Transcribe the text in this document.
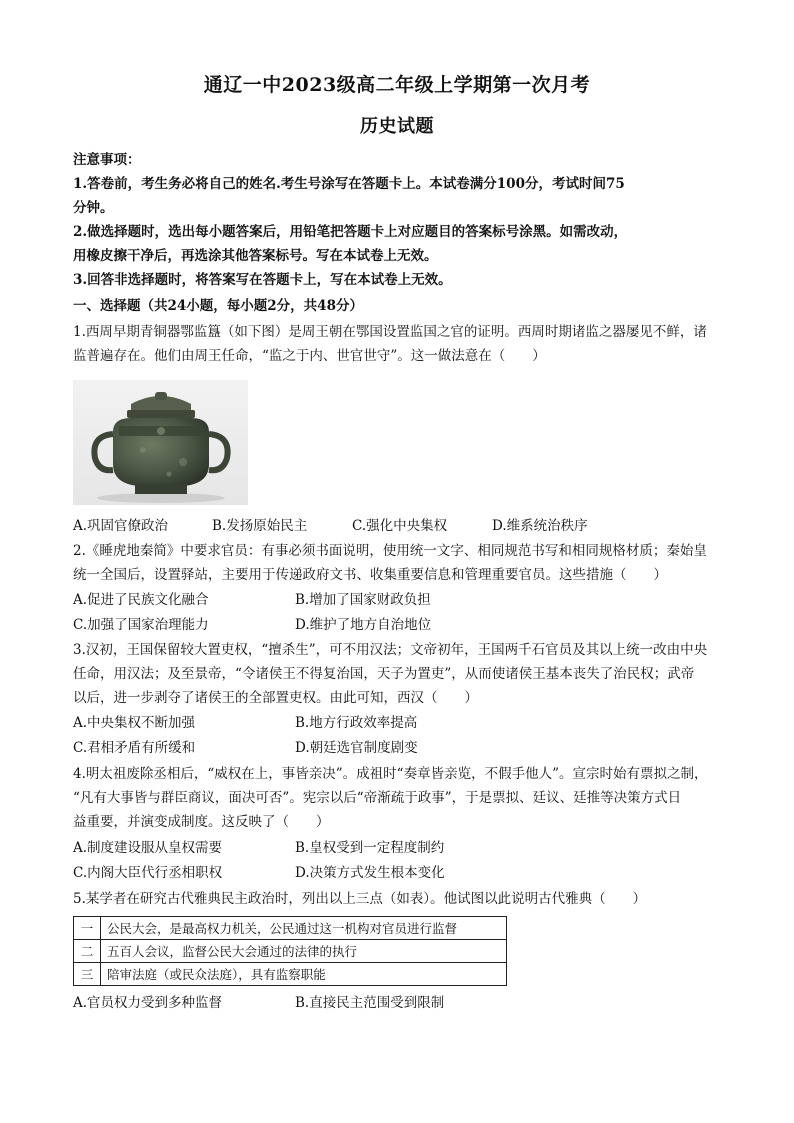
通辽一中2023级高二年级上学期第一次月考
历史试题
注意事项：
1.答卷前，考生务必将自己的姓名.考生号涂写在答题卡上。本试卷满分100分，考试时间75
分钟。
2.做选择题时，选出每小题答案后，用铅笔把答题卡上对应题目的答案标号涂黑。如需改动，
用橡皮擦干净后，再选涂其他答案标号。写在本试卷上无效。
3.回答非选择题时，将答案写在答题卡上，写在本试卷上无效。
一、选择题（共24小题，每小题2分，共48分）
1.西周早期青铜器鄂监簋（如下图）是周王朝在鄂国设置监国之官的证明。西周时期诸监之器屡见不鲜，诸
监普遍存在。他们由周王任命，“监之于内、世官世守”。这一做法意在（　　）
A.巩固官僚政治	B.发扬原始民主	C.强化中央集权	D.维系统治秩序
2.《睡虎地秦简》中要求官员：有事必须书面说明，使用统一文字、相同规范书写和相同规格材质；秦始皇
统一全国后，设置驿站，主要用于传递政府文书、收集重要信息和管理重要官员。这些措施（　　）
A.促进了民族文化融合	B.增加了国家财政负担
C.加强了国家治理能力	D.维护了地方自治地位
3.汉初，王国保留较大置吏权，“擅杀生”，可不用汉法；文帝初年，王国两千石官员及其以上统一改由中央
任命，用汉法；及至景帝，“令诸侯王不得复治国，天子为置吏”，从而使诸侯王基本丧失了治民权；武帝
以后，进一步剥夺了诸侯王的全部置吏权。由此可知，西汉（　　）
A.中央集权不断加强	B.地方行政效率提高
C.君相矛盾有所缓和	D.朝廷选官制度剧变
4.明太祖废除丞相后，“威权在上，事皆亲决”。成祖时“奏章皆亲览，不假手他人”。宣宗时始有票拟之制，
“凡有大事皆与群臣商议，面决可否”。宪宗以后“帝渐疏于政事”，于是票拟、廷议、廷推等决策方式日
益重要，并演变成制度。这反映了（　　）
A.制度建设服从皇权需要	B.皇权受到一定程度制约
C.内阁大臣代行丞相职权	D.决策方式发生根本变化
5.某学者在研究古代雅典民主政治时，列出以上三点（如表）。他试图以此说明古代雅典（　　）
一	公民大会，是最高权力机关，公民通过这一机构对官员进行监督
二	五百人会议，监督公民大会通过的法律的执行
三	陪审法庭（或民众法庭），具有监察职能
A.官员权力受到多种监督	B.直接民主范围受到限制
